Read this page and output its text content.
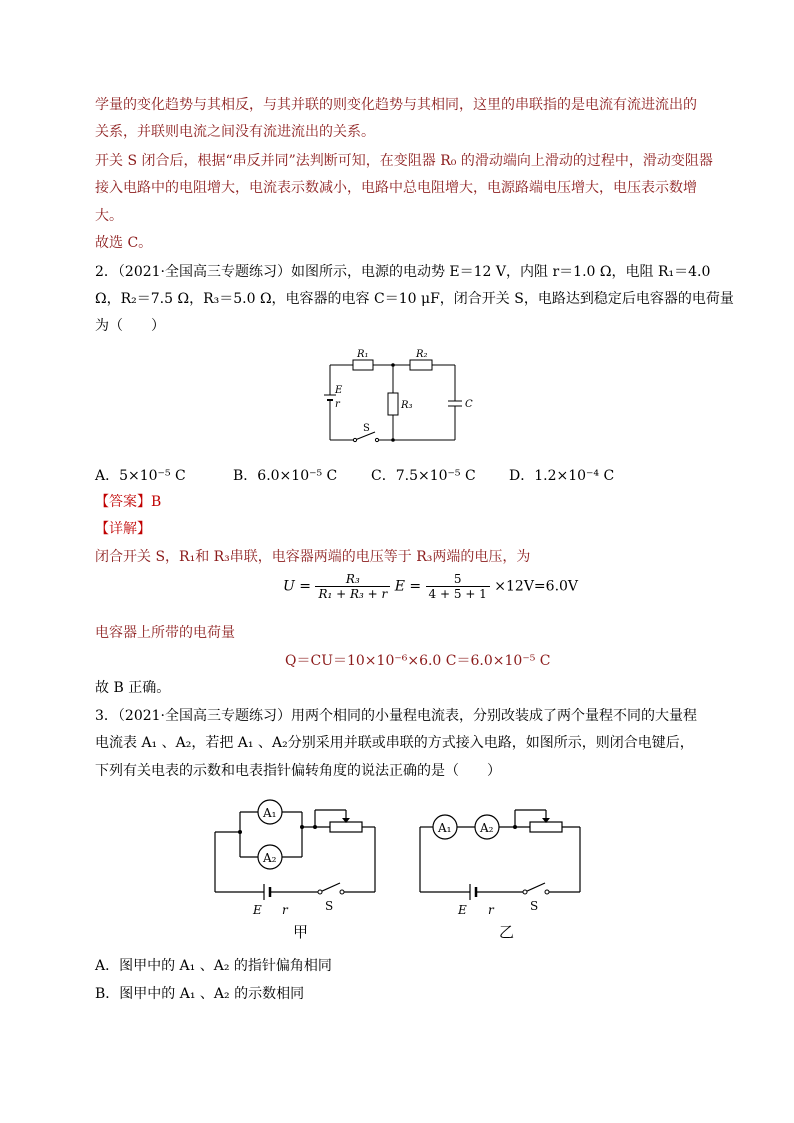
学量的变化趋势与其相反，与其并联的则变化趋势与其相同，这里的串联指的是电流有流进流出的
关系，并联则电流之间没有流进流出的关系。
开关 S 闭合后，根据“串反并同”法判断可知，在变阻器 R₀ 的滑动端向上滑动的过程中，滑动变阻器
接入电路中的电阻增大，电流表示数减小，电路中总电阻增大，电源路端电压增大，电压表示数增
大。
故选 C。
2．（2021·全国高三专题练习）如图所示，电源的电动势 E＝12 V，内阻 r＝1.0 Ω，电阻 R₁＝4.0
Ω，R₂＝7.5 Ω，R₃＝5.0 Ω，电容器的电容 C＝10 μF，闭合开关 S，电路达到稳定后电容器的电荷量
为（　　）
R₁	R₂
E
r	R₃	C
S
A．5×10⁻⁵ C	B．6.0×10⁻⁵ C C．7.5×10⁻⁵ C D．1.2×10⁻⁴ C
【答案】B
【详解】
闭合开关 S，R₁和 R₃串联，电容器两端的电压等于 R₃两端的电压，为
$U = \frac{\text{R₃}}{\text{R₁ + R₃ + r}}$ $E = \frac{5}{4 + 5 + 1} \times 12V=6.0V$
电容器上所带的电荷量
Q＝CU＝10×10⁻⁶×6.0 C＝6.0×10⁻⁵ C
故 B 正确。
3．（2021·全国高三专题练习）用两个相同的小量程电流表，分别改装成了两个量程不同的大量程
电流表 A₁ 、A₂，若把 A₁ 、A₂分别采用并联或串联的方式接入电路，如图所示，则闭合电键后，
下列有关电表的示数和电表指针偏转角度的说法正确的是（　　）
A₁
A₂
E r	S
甲
A₁ A₂
E r	S
乙
A．图甲中的 A₁ 、A₂ 的指针偏角相同
B．图甲中的 A₁ 、A₂ 的示数相同
